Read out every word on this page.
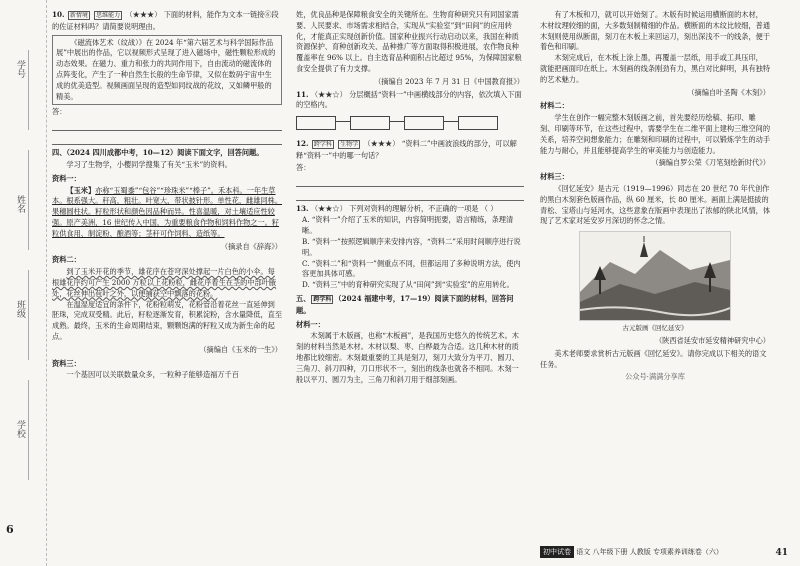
学号
姓名
班级
学校
6

10. 新情境 思维能力 （★★★） 下面的材料，能作为文本一链接⑥段的佐证材料吗？请简要说明理由。

《磁流体艺术（纹战）》在 2024 年“第六届艺术与科学国际作品展”中展出的作品，它以视频形式呈现了进入磁场中，磁性颗粒形成的动态效果。在磁力、重力和张力的共同作用下，自由流动的磁流体的点阵变化，产生了一种自然生长般的生命节律，又似在数码宇宙中生成的优美造型。视频画面呈现的造型如同纹战的花纹，又如鳞甲般的精美。

答：

四、（2024 四川成都中考，10—12）阅读下面文字，回答问题。

学习了生物学，小樱同学搜集了有关“玉米”的资料。

资料一：

【玉米】亦称“玉蜀黍”“包谷”“珍珠米”“棒子”。禾本科。一年生草本。根系强大。秆高，粗壮。叶宽大，带状披针形。单性花，雌雄同株。果穗圆柱状。籽粒形状和颜色因品种而异。性喜温暖，对土壤适应性较强。原产美洲，16 世纪传入中国，为重要粮食作物和饲料作物之一。籽粒供食用、制淀粉、酿酒等；茎秆可作饲料、造纸等。

（摘录自《辞海》）

资料二：

到了玉米开花的季节，雄花序在苍穹深处撑起一片白色的小伞。每根雄花序约可产生 2000 万粒以上花粉粒，雌花序着生在茎的中部叶腋处，花丝伸出苞叶之外，以便捕获空中飘落的花粉。

在温湿度适宜的条件下，花粉粒萌发，花粉管沿着花丝一直延伸到胚珠，完成双受精。此后，籽粒逐渐发育，积累淀粉，含水量降低，直至成熟。最终，玉米的生命周期结束，颗颗饱满的籽粒又成为新生命的起点。

（摘编自《玉米的一生》）

资料三：

一个基因可以关联数量众多，一粒种子能够造福万千百

姓，优良品种是保障粮食安全的关键所在。生物育种研究只有同国家需要、人民要求、市场需求相结合，实现从“实验室”到“田间”的应用转化，才能真正实现创新价值。国家种业振兴行动启动以来，我国在种质资源保护、育种创新攻关、品种推广等方面取得积极进展，农作物良种覆盖率在 96% 以上。自主选育品种面积占比超过 95%，为保障国家粮食安全提供了有力支撑。

（摘编自 2023 年 7 月 31 日《中国教育报》）

11. （★★☆） 分层概括“资料一”中画横线部分的内容，依次填入下面的空格内。

12. 跨学科 生物学 （★★★） “资料二”中画波浪线的部分，可以解释“资料一”中的哪一句话？

答：

13. （★★☆） 下列对资料的理解分析，不正确的一项是 （ ）

A. “资料一”介绍了玉米的知识，内容简明扼要，语言精练，条理清晰。

B. “资料一”按照逻辑顺序来安排内容，“资料二”采用时间顺序进行说明。

C. “资料二”和“资料一”侧重点不同，但都运用了多种说明方法，使内容更加具体可感。

D. “资料三”中的育种研究实现了从“田间”到“实验室”的应用转化。

五、 跨学科 （2024 福建中考，17—19）阅读下面的材料，回答问题。

材料一：

木刻属于木版画，也称“木板画”，是我国历史悠久的传统艺术。木刻的材料当然是木材。木材以梨、枣、白桦最为合适。这几种木材的质地都比较细密。木刻最重要的工具是刻刀，刻刀大致分为平刀、圆刀、三角刀、斜刀四种，刀口形状不一，刻出的线条也就各不相同。木刻一般以平刀、圆刀为主，三角刀和斜刀用于细部刻画。

有了木板和刀，就可以开始刻了。木版有时候运用横断面的木材，木材纹理较细的面，大多数刻制精细的作品。横断面的木纹比较细，普通木刻则使用纵断面，刻刀在木板上来回运刀，刻出深浅不一的线条，便于着色和印刷。

木刻完成后，在木板上涂上墨，再覆盖一层纸，用手或工具压印，就能把画面印在纸上。木刻画的线条刚劲有力，黑白对比鲜明，具有独特的艺术魅力。

（摘编自叶圣陶《木刻》）

材料二：

学生在创作一幅完整木刻版画之前，首先要经历绘稿、拓印、雕刻、印刷等环节，在这些过程中，需要学生在二维平面上建构三维空间的关系，培养空间想象能力；在雕刻和印刷的过程中，可以锻炼学生的动手能力与耐心，并且能够提高学生的审美能力与创造能力。

（摘编自罗公荣《刀笔刻绘新时代》）

材料三：

《回忆延安》是古元（1919—1996）同志在 20 世纪 70 年代创作的黑白木刻套色版画作品，纵 60 厘米，长 80 厘米。画面上满是挺拔的青松、宝塔山与延河水，这些意象在版画中表现出了浓郁的陕北风情，体现了艺术家对延安岁月深切的怀念之情。

古元版画《回忆延安》

（陕西省延安市延安精神研究中心）

美术老师要求赏析古元版画《回忆延安》。请你完成以下相关的语文任务。

公众号·满满分享库

初中试卷 语文 八年级下册 人教版 专项素养训练卷（六）	41
